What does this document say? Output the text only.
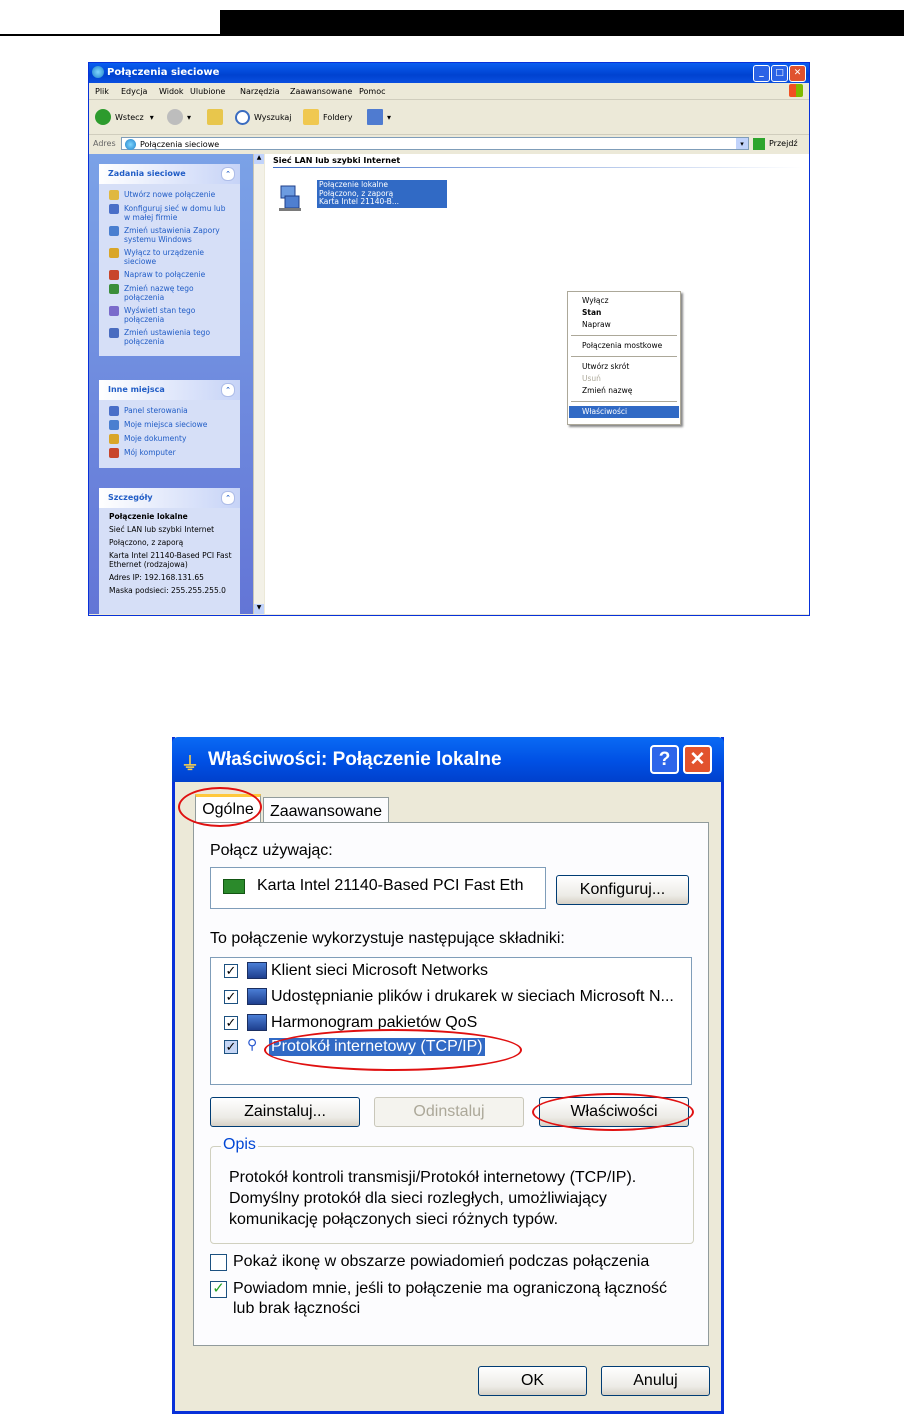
Połączenia sieciowe	_	□	✕
Plik Edycja Widok Ulubione Narzędzia Zaawansowane Pomoc
Wstecz ▾	▾	Wyszukaj	Foldery	▾
Adres	Połączenia sieciowe	▾	Przejdź
Zadania sieciowe	⌃
Utwórz nowe połączenie
Konfiguruj sieć w domu lub w małej firmie
Zmień ustawienia Zapory systemu Windows
Wyłącz to urządzenie sieciowe
Napraw to połączenie
Zmień nazwę tego połączenia
Wyświetl stan tego połączenia
Zmień ustawienia tego połączenia
Inne miejsca	⌃
Panel sterowania
Moje miejsca sieciowe
Moje dokumenty
Mój komputer
Szczegóły	⌃
Połączenie lokalne
Sieć LAN lub szybki Internet
Połączono, z zaporą
Karta Intel 21140-Based PCI Fast Ethernet (rodzajowa)
Adres IP: 192.168.131.65
Maska podsieci: 255.255.255.0
▲
▼
Sieć LAN lub szybki Internet
Połączenie lokalne
Połączono, z zaporą
Karta Intel 21140-B...
Wyłącz
Stan
Napraw
Połączenia mostkowe
Utwórz skrót
Usuń
Zmień nazwę
Właściwości
⏚ Właściwości: Połączenie lokalne	?	✕
Ogólne	Zaawansowane
Połącz używając:
Karta Intel 21140-Based PCI Fast Eth	Konfiguruj...
To połączenie wykorzystuje następujące składniki:
✓ Klient sieci Microsoft Networks
✓ Udostępnianie plików i drukarek w sieciach Microsoft N...
✓ Harmonogram pakietów QoS
✓ ⚲ Protokół internetowy (TCP/IP)
Zainstaluj...	Odinstaluj	Właściwości
Opis
Protokół kontroli transmisji/Protokół internetowy (TCP/IP). Domyślny protokół dla sieci rozległych, umożliwiający komunikację połączonych sieci różnych typów.
Pokaż ikonę w obszarze powiadomień podczas połączenia
✓ Powiadom mnie, jeśli to połączenie ma ograniczoną łączność lub brak łączności
OK	Anuluj
